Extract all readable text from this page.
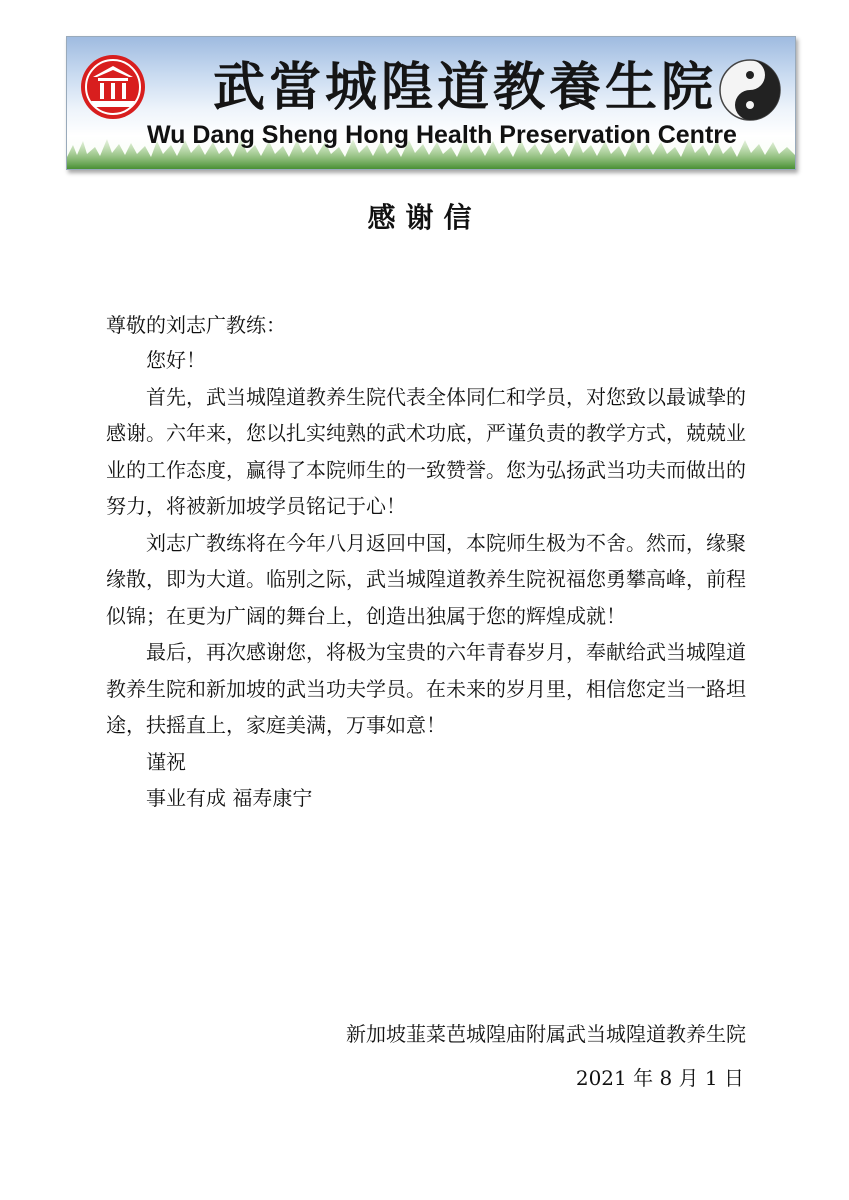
武當城隍道教養生院
Wu Dang Sheng Hong Health Preservation Centre
感谢信
尊敬的刘志广教练：

您好！

首先，武当城隍道教养生院代表全体同仁和学员，对您致以最诚挚的感谢。六年来，您以扎实纯熟的武术功底，严谨负责的教学方式，兢兢业业的工作态度，赢得了本院师生的一致赞誉。您为弘扬武当功夫而做出的努力，将被新加坡学员铭记于心！

刘志广教练将在今年八月返回中国，本院师生极为不舍。然而，缘聚缘散，即为大道。临别之际，武当城隍道教养生院祝福您勇攀高峰，前程似锦；在更为广阔的舞台上，创造出独属于您的辉煌成就！

最后，再次感谢您，将极为宝贵的六年青春岁月，奉献给武当城隍道教养生院和新加坡的武当功夫学员。在未来的岁月里，相信您定当一路坦途，扶摇直上，家庭美满，万事如意！

谨祝

事业有成 福寿康宁

新加坡韮菜芭城隍庙附属武当城隍道教养生院
2021 年 8 月 1 日
